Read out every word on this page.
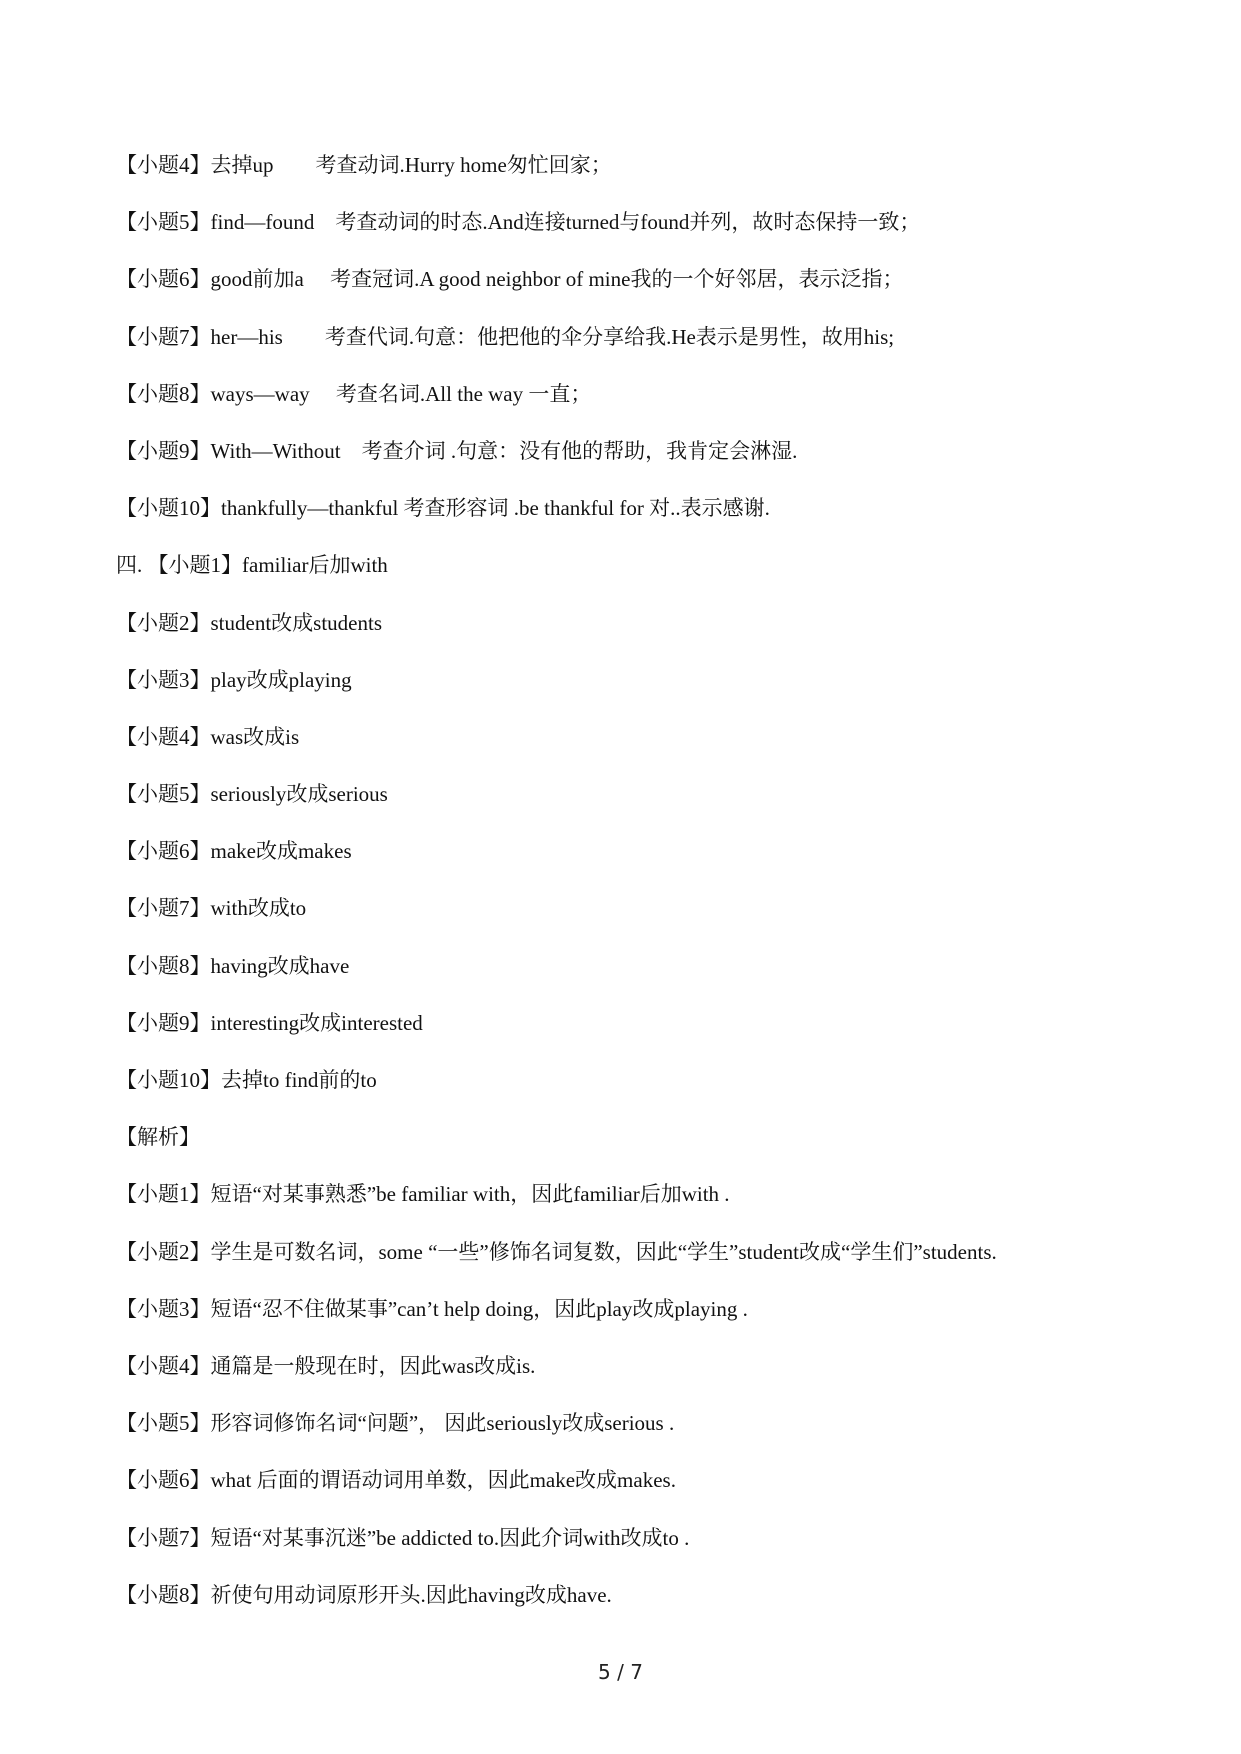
【小题4】去掉up　　考查动词.Hurry home匆忙回家；
【小题5】find—found　考查动词的时态.And连接turned与found并列，故时态保持一致；
【小题6】good前加a　 考查冠词.A good neighbor of mine我的一个好邻居，表示泛指；
【小题7】her—his　　考查代词.句意：他把他的伞分享给我.He表示是男性，故用his;
【小题8】ways—way　 考查名词.All the way 一直；
【小题9】With—Without　考查介词 .句意：没有他的帮助，我肯定会淋湿.
【小题10】thankfully—thankful 考查形容词 .be thankful for 对..表示感谢.
四. 【小题1】familiar后加with
【小题2】student改成students
【小题3】play改成playing
【小题4】was改成is
【小题5】seriously改成serious
【小题6】make改成makes
【小题7】with改成to
【小题8】having改成have
【小题9】interesting改成interested
【小题10】去掉to find前的to
【解析】
【小题1】短语“对某事熟悉”be familiar with，因此familiar后加with .
【小题2】学生是可数名词，some “一些”修饰名词复数，因此“学生”student改成“学生们”students.
【小题3】短语“忍不住做某事”can’t help doing，因此play改成playing .
【小题4】通篇是一般现在时，因此was改成is.
【小题5】形容词修饰名词“问题”， 因此seriously改成serious .
【小题6】what 后面的谓语动词用单数，因此make改成makes.
【小题7】短语“对某事沉迷”be addicted to.因此介词with改成to .
【小题8】祈使句用动词原形开头.因此having改成have.
5 / 7
